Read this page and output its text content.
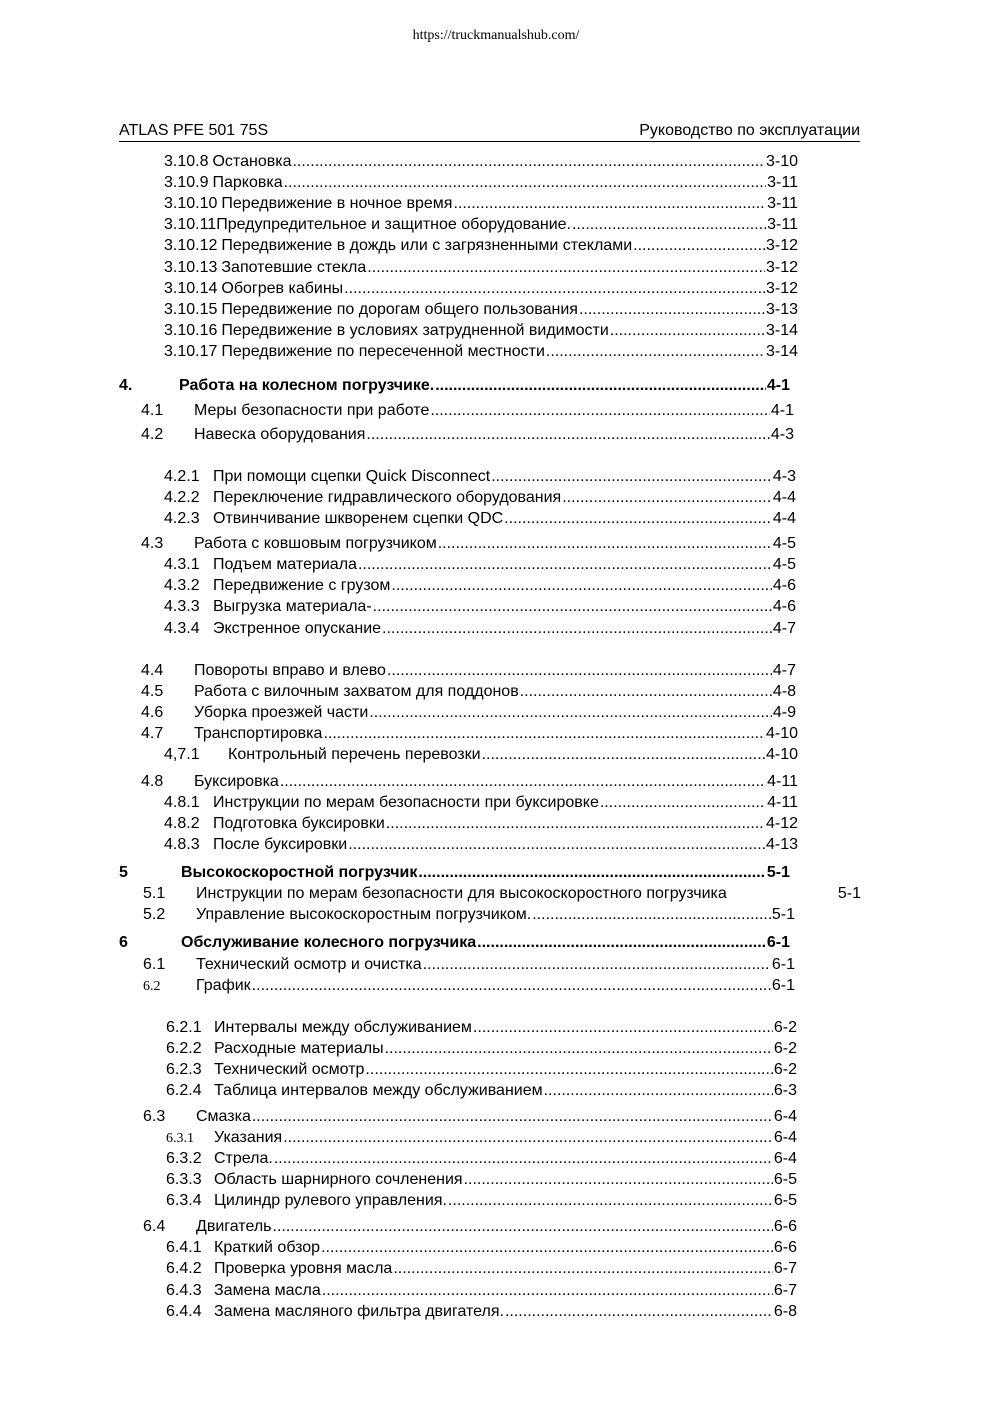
https://truckmanualshub.com/
ATLAS PFE 501 75S	Руководство по эксплуатации
3.10.8 Остановка .....	3-10
3.10.9 Парковка .....	3-11
3.10.10 Передвижение в ночное время .....	3-11
3.10.11 Предупредительное и защитное оборудование. .....	3-11
3.10.12 Передвижение в дождь или с загрязненными стеклами .....	3-12
3.10.13 Запотевшие стекла .....	3-12
3.10.14 Обогрев кабины .....	3-12
3.10.15 Передвижение по дорогам общего пользования .....	3-13
3.10.16 Передвижение в условиях затрудненной видимости .....	3-14
3.10.17 Передвижение по пересеченной местности .....	3-14
4.	Работа на колесном погрузчике. .....	4-1
4.1	Меры безопасности при работе .....	4-1
4.2	Навеска оборудования .....	4-3
4.2.1 При помощи сцепки Quick Disconnect .....	4-3
4.2.2 Переключение гидравлического оборудования .....	4-4
4.2.3 Отвинчивание шкворенем сцепки QDC .....	4-4
4.3	Работа с ковшовым погрузчиком .....	4-5
4.3.1 Подъем материала .....	4-5
4.3.2 Передвижение с грузом .....	4-6
4.3.3 Выгрузка материала- .....	4-6
4.3.4 Экстренное опускание .....	4-7
4.4	Повороты вправо и влево .....	4-7
4.5	Работа с вилочным захватом для поддонов .....	4-8
4.6	Уборка проезжей части .....	4-9
4.7	Транспортировка .....	4-10
4,7.1	Контрольный перечень перевозки .....	4-10
4.8	Буксировка .....	4-11
4.8.1 Инструкции по мерам безопасности при буксировке .....	4-11
4.8.2 Подготовка буксировки .....	4-12
4.8.3 После буксировки .....	4-13
5	Высокоскоростной погрузчик .....	5-1
5.1	Инструкции по мерам безопасности для высокоскоростного погрузчика	5-1
5.2	Управление высокоскоростным погрузчиком. .....	5-1
6	Обслуживание колесного погрузчика .....	6-1
6.1	Технический осмотр и очистка .....	6-1
6.2	График .....	6-1
6.2.1 Интервалы между обслуживанием .....	6-2
6.2.2 Расходные материалы .....	6-2
6.2.3 Технический осмотр .....	6-2
6.2.4 Таблица интервалов между обслуживанием .....	6-3
6.3	Смазка .....	6-4
6.3.1	Указания .....	6-4
6.3.2 Стрела. .....	6-4
6.3.3 Область шарнирного сочленения .....	6-5
6.3.4 Цилиндр рулевого управления. .....	6-5
6.4	Двигатель .....	6-6
6.4.1 Краткий обзор .....	6-6
6.4.2 Проверка уровня масла .....	6-7
6.4.3 Замена масла .....	6-7
6.4.4 Замена масляного фильтра двигателя. .....	6-8
